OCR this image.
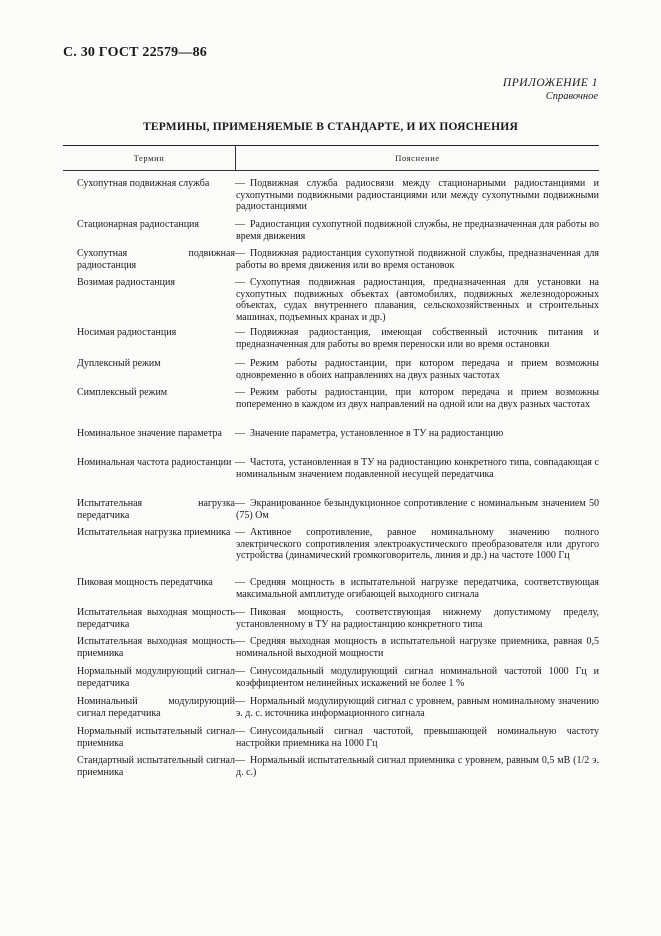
С. 30 ГОСТ 22579—86
ПРИЛОЖЕНИЕ 1
Справочное
ТЕРМИНЫ, ПРИМЕНЯЕМЫЕ В СТАНДАРТЕ, И ИХ ПОЯСНЕНИЯ
Термин	Пояснение
Сухопутная подвижная служба	— Подвижная служба радиосвязи между стационарными радиостанциями и сухопутными подвижными радиостанциями или между сухопутными подвижными радиостанциями
Стационарная радиостанция	— Радиостанция сухопутной подвижной службы, не предназначенная для работы во время движения
Сухопутная подвижная радиостанция
— Подвижная радиостанция сухопутной подвижной службы, предназначенная для работы во время движения или во время остановок
Возимая радиостанция	— Сухопутная подвижная радиостанция, предназначенная для установки на сухопутных подвижных объектах (автомобилях, подвижных железнодорожных объектах, судах внутреннего плавания, сельскохозяйственных и строительных машинах, подъемных кранах и др.)
Носимая радиостанция	— Подвижная радиостанция, имеющая собственный источник питания и предназначенная для работы во время переноски или во время остановки
Дуплексный режим	— Режим работы радиостанции, при котором передача и прием возможны одновременно в обоих направлениях на двух разных частотах
Симплексный режим	— Режим работы радиостанции, при котором передача и прием возможны попеременно в каждом из двух направлений на одной или на двух разных частотах
Номинальное значение параметра	— Значение параметра, установленное в ТУ на радиостанцию
Номинальная частота радиостанции — Частота, установленная в ТУ на радиостанцию конкретного типа, совпадающая с номинальным значением подавленной несущей передатчика
Испытательная нагрузка передатчика
— Экранированное безындукционное сопротивление с номинальным значением 50 (75) Ом
Испытательная нагрузка приемника — Активное сопротивление, равное номинальному значению полного электрического сопротивления электроакустического преобразователя или другого устройства (динамический громкоговоритель, линия и др.) на частоте 1000 Гц
Пиковая мощность передатчика	— Средняя мощность в испытательной нагрузке передатчика, соответствующая максимальной амплитуде огибающей выходного сигнала
Испытательная выходная мощность передатчика
— Пиковая мощность, соответствующая нижнему допустимому пределу, установленному в ТУ на радиостанцию конкретного типа
Испытательная выходная мощность приемника
— Средняя выходная мощность в испытательной нагрузке приемника, равная 0,5 номинальной выходной мощности
Нормальный модулирующий сигнал передатчика
— Синусоидальный модулирующий сигнал номинальной частотой 1000 Гц и коэффициентом нелинейных искажений не более 1 %
Номинальный модулирующий сигнал передатчика
— Нормальный модулирующий сигнал с уровнем, равным номинальному значению э. д. с. источника информационного сигнала
Нормальный испытательный сигнал приемника
— Синусоидальный сигнал частотой, превышающей номинальную частоту настройки приемника на 1000 Гц
Стандартный испытательный сигнал приемника
— Нормальный испытательный сигнал приемника с уровнем, равным 0,5 мВ (1/2 э. д. с.)
